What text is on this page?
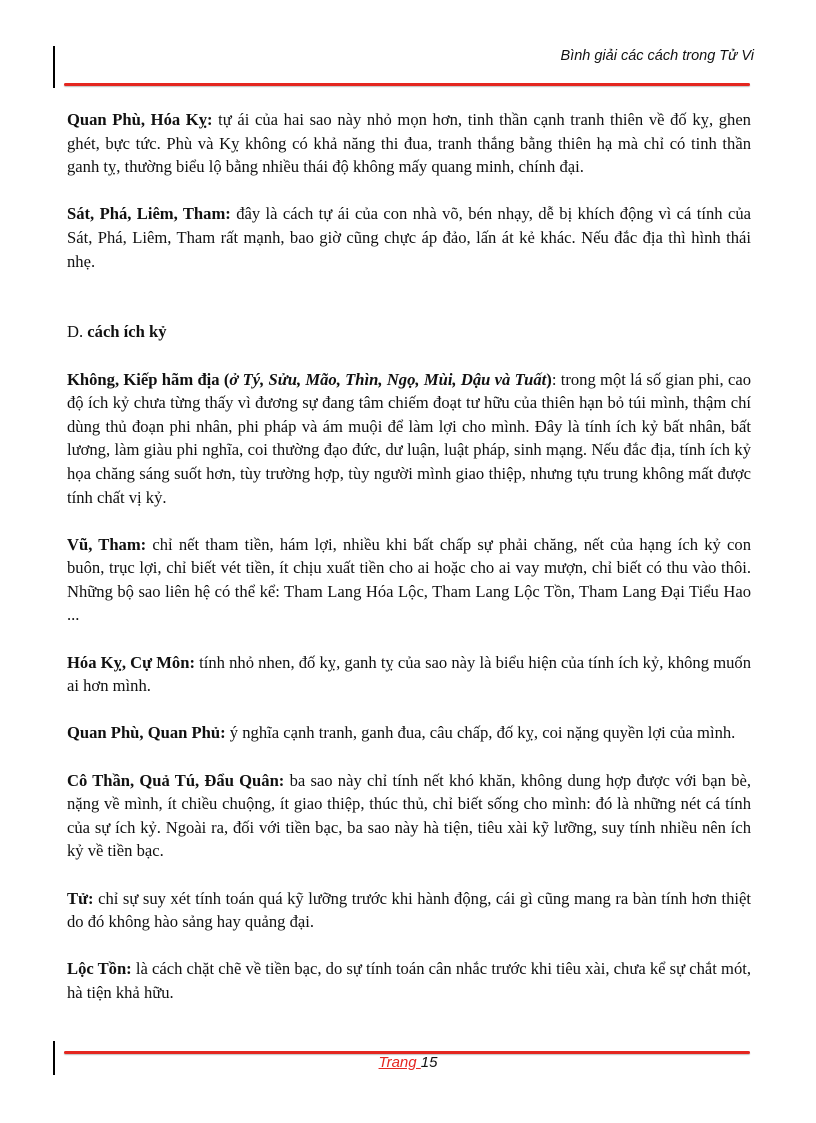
Bình giải các cách trong Tử Vi

Quan Phù, Hóa Kỵ: tự ái của hai sao này nhỏ mọn hơn, tinh thần cạnh tranh thiên về đố kỵ, ghen ghét, bực tức. Phù và Kỵ không có khả năng thi đua, tranh thắng bằng thiên hạ mà chỉ có tinh thần ganh tỵ, thường biểu lộ bằng nhiều thái độ không mấy quang minh, chính đại.

Sát, Phá, Liêm, Tham: đây là cách tự ái của con nhà võ, bén nhạy, dễ bị khích động vì cá tính của Sát, Phá, Liêm, Tham rất mạnh, bao giờ cũng chực áp đảo, lấn át kẻ khác. Nếu đắc địa thì hình thái nhẹ.

D. cách ích kỷ

Không, Kiếp hãm địa (ở Tý, Sửu, Mão, Thìn, Ngọ, Mùi, Dậu và Tuất): trong một lá số gian phi, cao độ ích kỷ chưa từng thấy vì đương sự đang tâm chiếm đoạt tư hữu của thiên hạn bỏ túi mình, thậm chí dùng thủ đoạn phi nhân, phi pháp và ám muội để làm lợi cho mình. Đây là tính ích kỷ bất nhân, bất lương, làm giàu phi nghĩa, coi thường đạo đức, dư luận, luật pháp, sinh mạng. Nếu đắc địa, tính ích kỷ họa chăng sáng suốt hơn, tùy trường hợp, tùy người mình giao thiệp, nhưng tựu trung không mất được tính chất vị kỷ.

Vũ, Tham: chỉ nết tham tiền, hám lợi, nhiều khi bất chấp sự phải chăng, nết của hạng ích kỷ con buôn, trục lợi, chỉ biết vét tiền, ít chịu xuất tiền cho ai hoặc cho ai vay mượn, chỉ biết có thu vào thôi. Những bộ sao liên hệ có thể kể: Tham Lang Hóa Lộc, Tham Lang Lộc Tồn, Tham Lang Đại Tiểu Hao ...

Hóa Kỵ, Cự Môn: tính nhỏ nhen, đố kỵ, ganh tỵ của sao này là biểu hiện của tính ích kỷ, không muốn ai hơn mình.

Quan Phù, Quan Phủ: ý nghĩa cạnh tranh, ganh đua, câu chấp, đố kỵ, coi nặng quyền lợi của mình.

Cô Thần, Quả Tú, Đẩu Quân: ba sao này chỉ tính nết khó khăn, không dung hợp được với bạn bè, nặng về mình, ít chiều chuộng, ít giao thiệp, thúc thủ, chỉ biết sống cho mình: đó là những nét cá tính của sự ích kỷ. Ngoài ra, đối với tiền bạc, ba sao này hà tiện, tiêu xài kỹ lưỡng, suy tính nhiều nên ích kỷ về tiền bạc.

Tử: chỉ sự suy xét tính toán quá kỹ lưỡng trước khi hành động, cái gì cũng mang ra bàn tính hơn thiệt do đó không hào sảng hay quảng đại.

Lộc Tồn: là cách chặt chẽ về tiền bạc, do sự tính toán cân nhắc trước khi tiêu xài, chưa kể sự chắt mót, hà tiện khả hữu.

Trang 15
